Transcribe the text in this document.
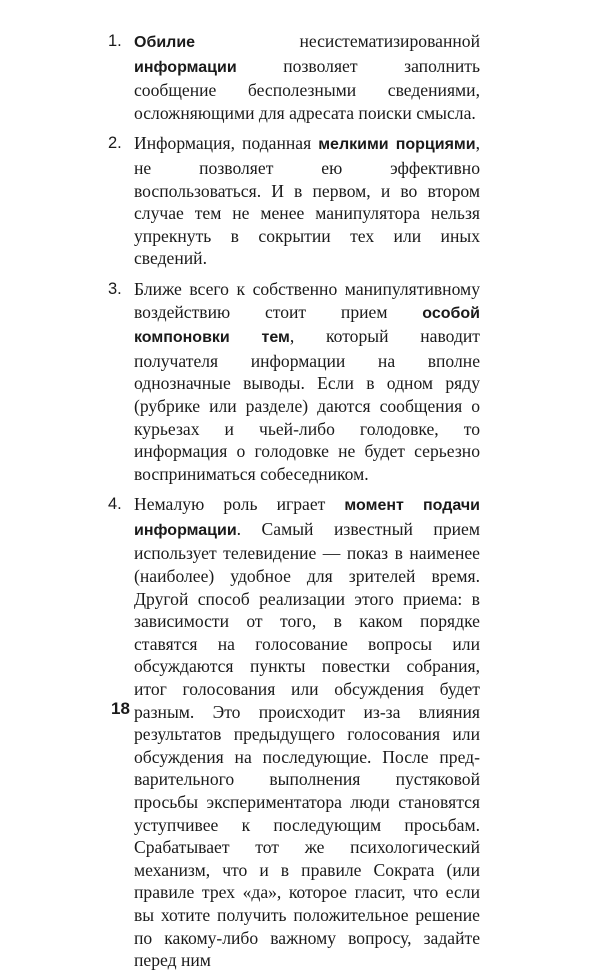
1. Обилие несистематизированной информации позволяет заполнить сообщение бесполезными сведениями, осложняющими для адресата поиски смысла.
2. Информация, поданная мелкими порциями, не позволяет ею эффективно воспользоваться. И в первом, и во втором случае тем не менее манипулятора нельзя упрекнуть в сокрытии тех или иных сведений.
3. Ближе всего к собственно манипулятивному воздействию стоит прием особой компоновки тем, который наводит получателя информации на вполне однозначные выводы. Если в одном ряду (рубрике или разделе) даются сообщения о курьезах и чьей-либо голодовке, то информация о голодовке не будет серьезно восприниматься собеседником.
4. Немалую роль играет момент подачи информации. Самый известный прием использует телевидение — показ в наименее (наиболее) удобное для зрителей время. Другой способ реализации этого приема: в зависимости от того, в каком порядке ставятся на голосование вопросы или обсуждаются пункты повестки собрания, итог голосования или обсуждения будет разным. Это происходит из-за влияния результатов предыдущего голосования или обсуждения на последующие. После предварительного выполнения пустяковой просьбы экспериментатора люди становятся уступчивее к последующим просьбам. Срабатывает тот же психологический механизм, что и в правиле Сократа (или правиле трех «да», которое гласит, что если вы хотите получить положительное решение по какому-либо важному вопросу, задайте перед ним
18
